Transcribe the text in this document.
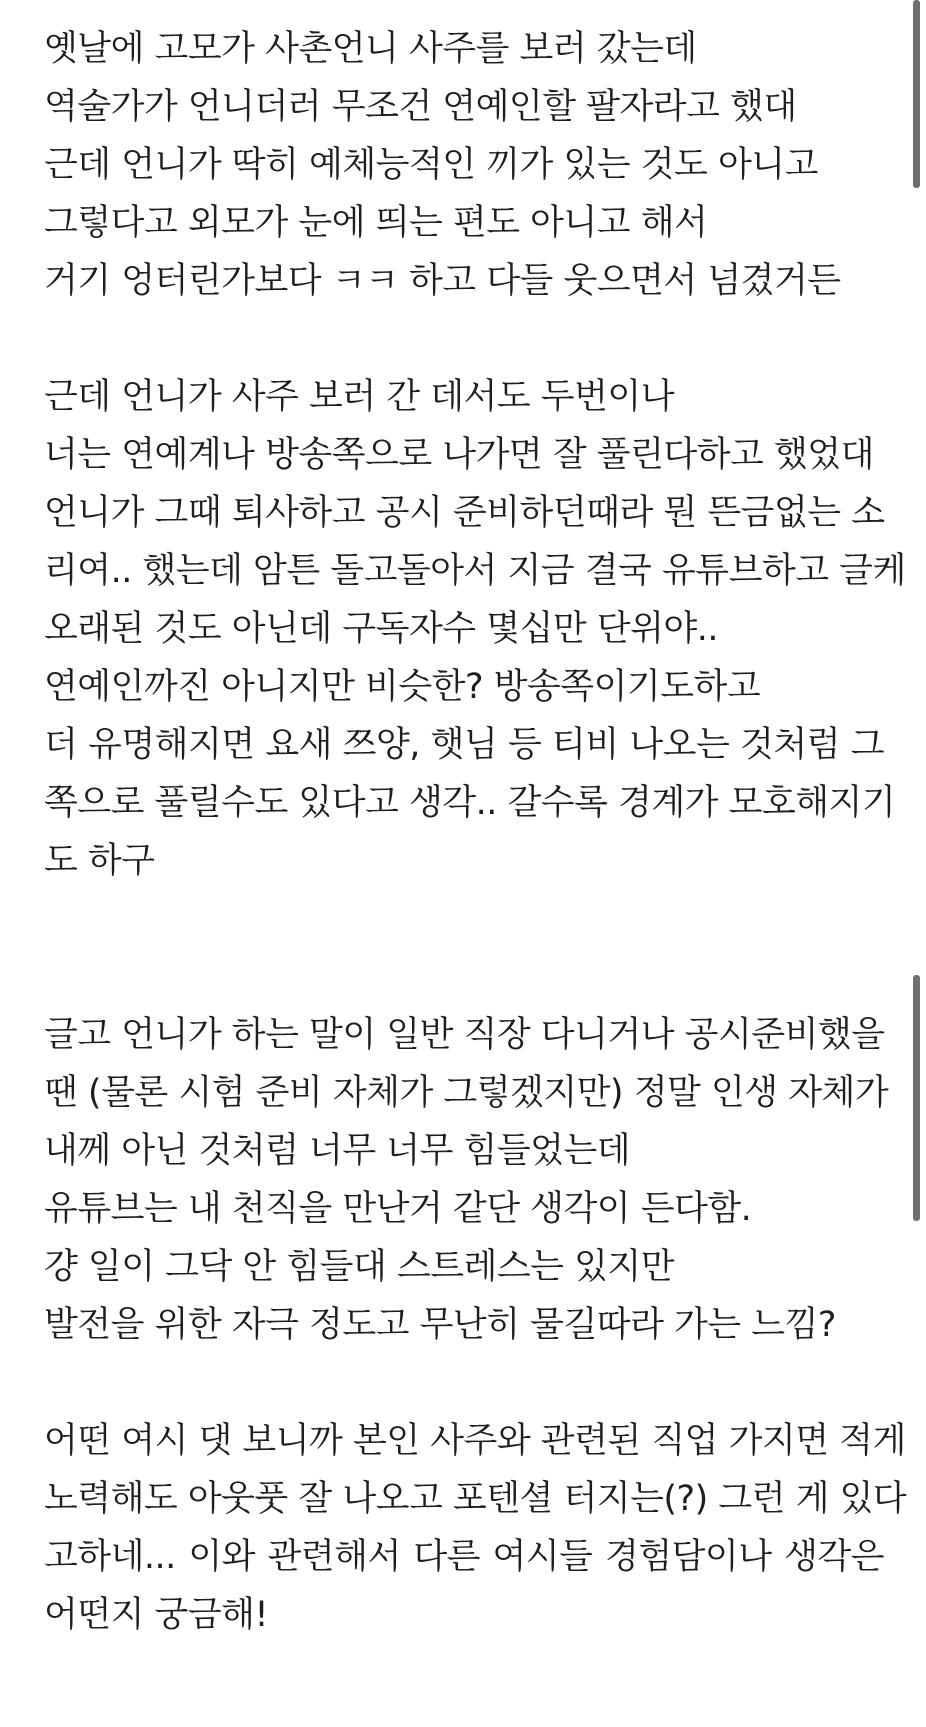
옛날에 고모가 사촌언니 사주를 보러 갔는데
역술가가 언니더러 무조건 연예인할 팔자라고 했대
근데 언니가 딱히 예체능적인 끼가 있는 것도 아니고
그렇다고 외모가 눈에 띄는 편도 아니고 해서
거기 엉터린가보다 ㅋㅋ 하고 다들 웃으면서 넘겼거든

근데 언니가 사주 보러 간 데서도 두번이나
너는 연예계나 방송쪽으로 나가면 잘 풀린다하고 했었대
언니가 그때 퇴사하고 공시 준비하던때라 뭔 뜬금없는 소
리여.. 했는데 암튼 돌고돌아서 지금 결국 유튜브하고 글케
오래된 것도 아닌데 구독자수 몇십만 단위야..
연예인까진 아니지만 비슷한? 방송쪽이기도하고
더 유명해지면 요새 쯔양, 햇님 등 티비 나오는 것처럼 그
쪽으로 풀릴수도 있다고 생각.. 갈수록 경계가 모호해지기
도 하구

글고 언니가 하는 말이 일반 직장 다니거나 공시준비했을
땐 (물론 시험 준비 자체가 그렇겠지만) 정말 인생 자체가
내께 아닌 것처럼 너무 너무 힘들었는데
유튜브는 내 천직을 만난거 같단 생각이 든다함.
걍 일이 그닥 안 힘들대 스트레스는 있지만
발전을 위한 자극 정도고 무난히 물길따라 가는 느낌?

어떤 여시 댓 보니까 본인 사주와 관련된 직업 가지면 적게
노력해도 아웃풋 잘 나오고 포텐셜 터지는(?) 그런 게 있다
고하네... 이와 관련해서 다른 여시들 경험담이나 생각은
어떤지 궁금해!
